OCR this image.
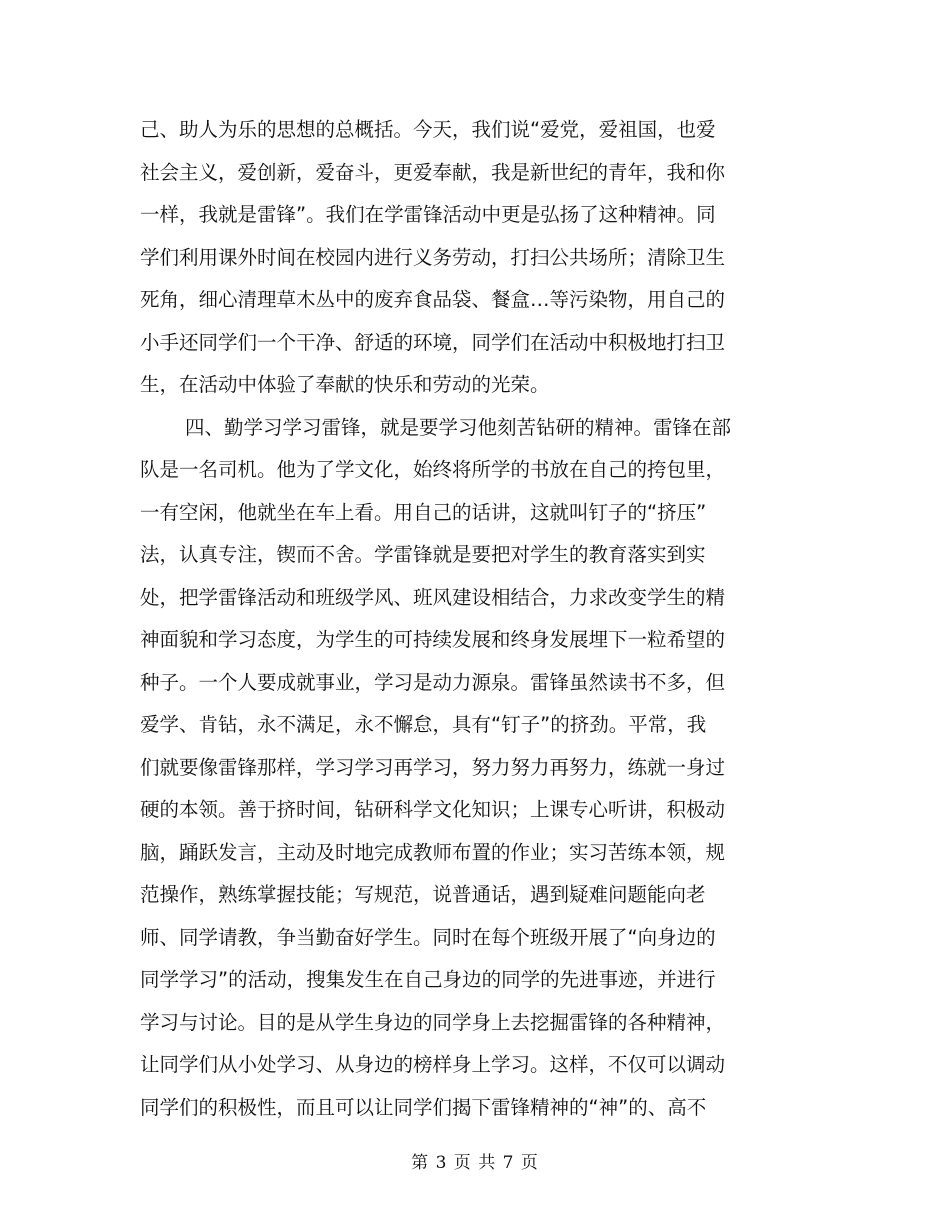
己、助人为乐的思想的总概括。今天，我们说“爱党，爱祖国，也爱
社会主义，爱创新，爱奋斗，更爱奉献，我是新世纪的青年，我和你
一样，我就是雷锋”。我们在学雷锋活动中更是弘扬了这种精神。同
学们利用课外时间在校园内进行义务劳动，打扫公共场所；清除卫生
死角，细心清理草木丛中的废弃食品袋、餐盒…等污染物，用自己的
小手还同学们一个干净、舒适的环境，同学们在活动中积极地打扫卫
生，在活动中体验了奉献的快乐和劳动的光荣。
四、勤学习学习雷锋，就是要学习他刻苦钻研的精神。雷锋在部
队是一名司机。他为了学文化，始终将所学的书放在自己的挎包里，
一有空闲，他就坐在车上看。用自己的话讲，这就叫钉子的“挤压”
法，认真专注，锲而不舍。学雷锋就是要把对学生的教育落实到实
处，把学雷锋活动和班级学风、班风建设相结合，力求改变学生的精
神面貌和学习态度，为学生的可持续发展和终身发展埋下一粒希望的
种子。一个人要成就事业，学习是动力源泉。雷锋虽然读书不多，但
爱学、肯钻，永不满足，永不懈怠，具有“钉子”的挤劲。平常，我
们就要像雷锋那样，学习学习再学习，努力努力再努力，练就一身过
硬的本领。善于挤时间，钻研科学文化知识；上课专心听讲，积极动
脑，踊跃发言，主动及时地完成教师布置的作业；实习苦练本领，规
范操作，熟练掌握技能；写规范，说普通话，遇到疑难问题能向老
师、同学请教，争当勤奋好学生。同时在每个班级开展了“向身边的
同学学习”的活动，搜集发生在自己身边的同学的先进事迹，并进行
学习与讨论。目的是从学生身边的同学身上去挖掘雷锋的各种精神，
让同学们从小处学习、从身边的榜样身上学习。这样，不仅可以调动
同学们的积极性，而且可以让同学们揭下雷锋精神的“神”的、高不
第 3 页 共 7 页
